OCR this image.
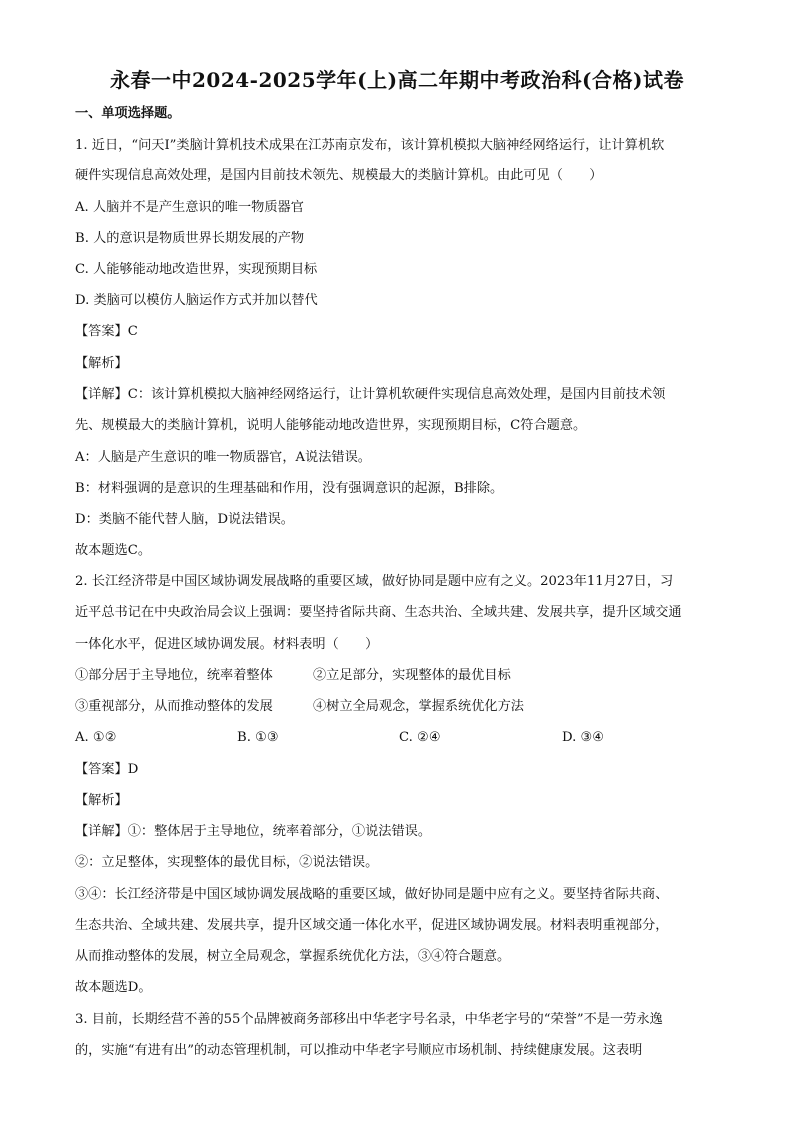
永春一中2024-2025学年(上)高二年期中考政治科(合格)试卷
一、单项选择题。
1. 近日，“问天Ⅰ”类脑计算机技术成果在江苏南京发布，该计算机模拟大脑神经网络运行，让计算机软
硬件实现信息高效处理，是国内目前技术领先、规模最大的类脑计算机。由此可见（　　）
A. 人脑并不是产生意识的唯一物质器官
B. 人的意识是物质世界长期发展的产物
C. 人能够能动地改造世界，实现预期目标
D. 类脑可以模仿人脑运作方式并加以替代
【答案】C
【解析】
【详解】C：该计算机模拟大脑神经网络运行，让计算机软硬件实现信息高效处理，是国内目前技术领
先、规模最大的类脑计算机，说明人能够能动地改造世界，实现预期目标，C符合题意。
A：人脑是产生意识的唯一物质器官，A说法错误。
B：材料强调的是意识的生理基础和作用，没有强调意识的起源，B排除。
D：类脑不能代替人脑，D说法错误。
故本题选C。
2. 长江经济带是中国区域协调发展战略的重要区域，做好协同是题中应有之义。2023年11月27日，习
近平总书记在中央政治局会议上强调：要坚持省际共商、生态共治、全域共建、发展共享，提升区域交通
一体化水平，促进区域协调发展。材料表明（　　）
①部分居于主导地位，统率着整体	②立足部分，实现整体的最优目标
③重视部分，从而推动整体的发展	④树立全局观念，掌握系统优化方法
A. ①②	B. ①③	C. ②④	D. ③④
【答案】D
【解析】
【详解】①：整体居于主导地位，统率着部分，①说法错误。
②：立足整体，实现整体的最优目标，②说法错误。
③④：长江经济带是中国区域协调发展战略的重要区域，做好协同是题中应有之义。要坚持省际共商、
生态共治、全域共建、发展共享，提升区域交通一体化水平，促进区域协调发展。材料表明重视部分，
从而推动整体的发展，树立全局观念，掌握系统优化方法，③④符合题意。
故本题选D。
3. 目前，长期经营不善的55个品牌被商务部移出中华老字号名录，中华老字号的“荣誉”不是一劳永逸
的，实施“有进有出”的动态管理机制，可以推动中华老字号顺应市场机制、持续健康发展。这表明
